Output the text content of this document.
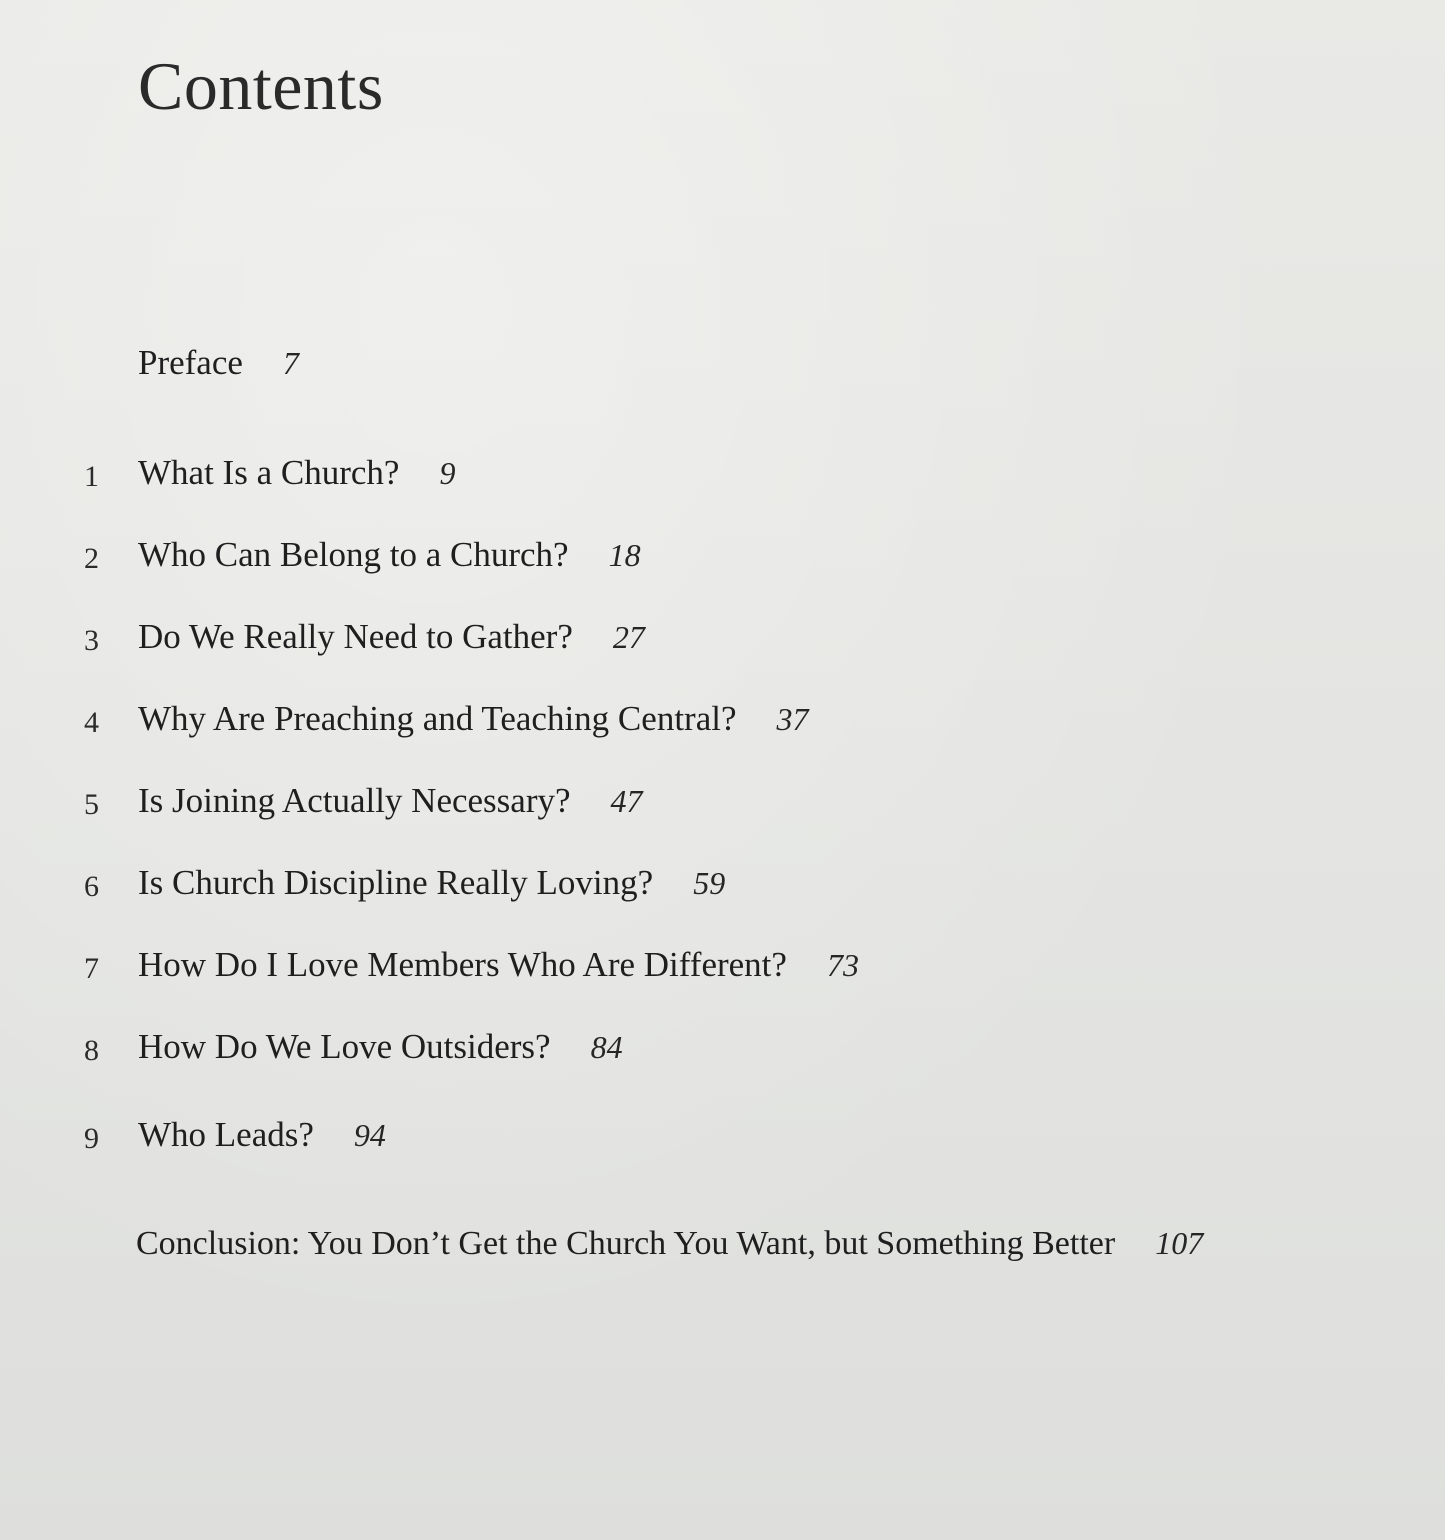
Contents
Preface 7
1	What Is a Church? 9
2	Who Can Belong to a Church? 18
3	Do We Really Need to Gather? 27
4	Why Are Preaching and Teaching Central? 37
5	Is Joining Actually Necessary? 47
6	Is Church Discipline Really Loving? 59
7	How Do I Love Members Who Are Different? 73
8	How Do We Love Outsiders? 84
9	Who Leads? 94
Conclusion: You Don’t Get the Church You Want, but Something Better 107
